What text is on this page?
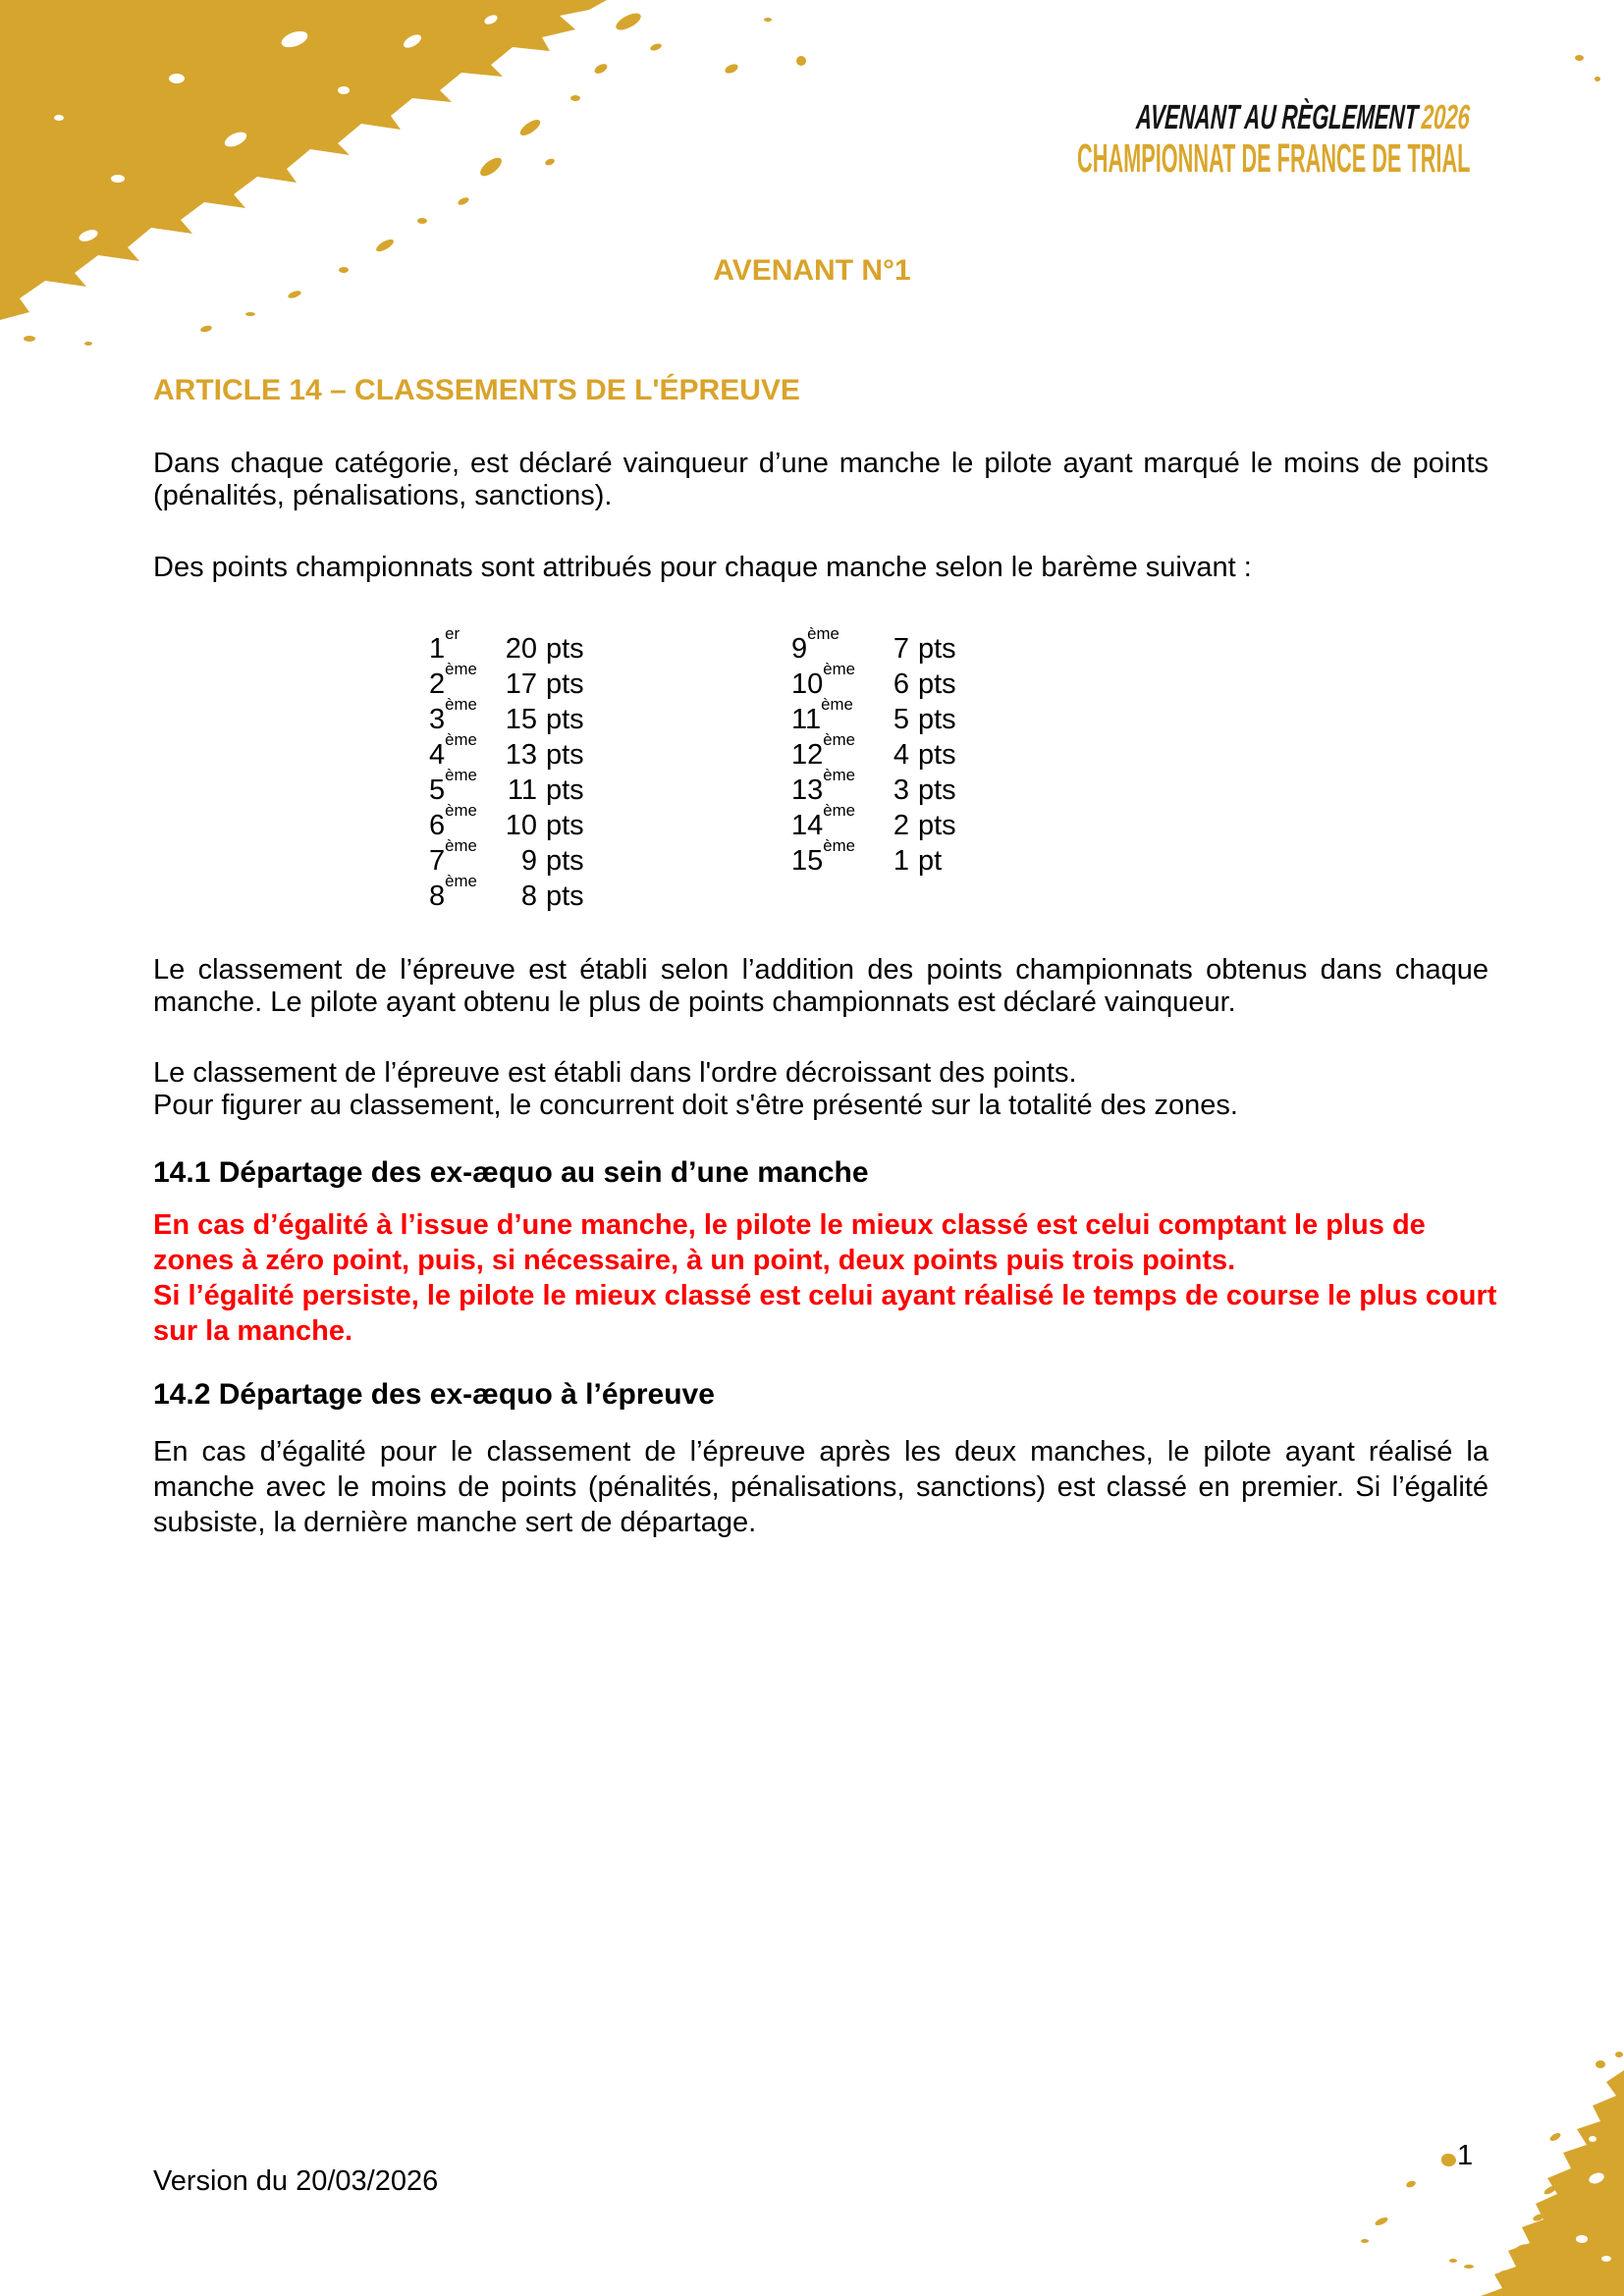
AVENANT AU RÈGLEMENT2026
CHAMPIONNAT DE FRANCE DE TRIAL
AVENANT N°1
ARTICLE 14 – CLASSEMENTS DE L'ÉPREUVE
Dans chaque catégorie, est déclaré vainqueur d’une manche le pilote ayant marqué le moins de points (pénalités, pénalisations, sanctions).
Des points championnats sont attribués pour chaque manche selon le barème suivant :
1er 20 pts
2ème 17 pts
3ème 15 pts
4ème 13 pts
5ème 11 pts
6ème 10 pts
7ème 9 pts
8ème 8 pts
9ème 7 pts
10ème 6 pts
11ème 5 pts
12ème 4 pts
13ème 3 pts
14ème 2 pts
15ème 1 pt
Le classement de l’épreuve est établi selon l’addition des points championnats obtenus dans chaque manche. Le pilote ayant obtenu le plus de points championnats est déclaré vainqueur.
Le classement de l’épreuve est établi dans l'ordre décroissant des points.
Pour figurer au classement, le concurrent doit s'être présenté sur la totalité des zones.
14.1 Départage des ex-æquo au sein d’une manche

En cas d’égalité à l’issue d’une manche, le pilote le mieux classé est celui comptant le plus de zones à zéro point, puis, si nécessaire, à un point, deux points puis trois points.

Si l’égalité persiste, le pilote le mieux classé est celui ayant réalisé le temps de course le plus court sur la manche.

14.2 Départage des ex-æquo à l’épreuve
En cas d’égalité pour le classement de l’épreuve après les deux manches, le pilote ayant réalisé la manche avec le moins de points (pénalités, pénalisations, sanctions) est classé en premier. Si l’égalité subsiste, la dernière manche sert de départage.
Version du 20/03/2026
1
